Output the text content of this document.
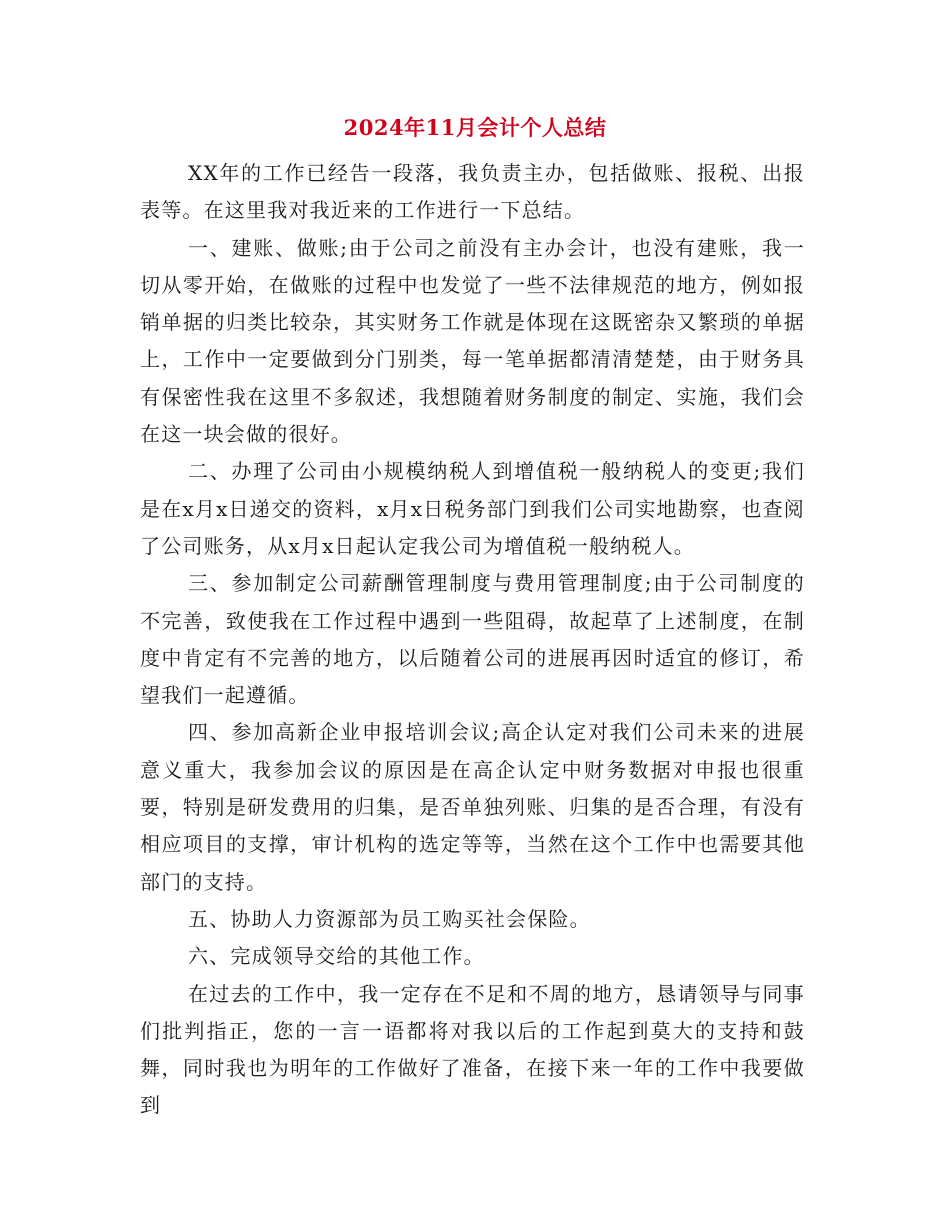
2024年11月会计个人总结

XX年的工作已经告一段落，我负责主办，包括做账、报税、出报表等。在这里我对我近来的工作进行一下总结。

一、建账、做账;由于公司之前没有主办会计，也没有建账，我一切从零开始，在做账的过程中也发觉了一些不法律规范的地方，例如报销单据的归类比较杂，其实财务工作就是体现在这既密杂又繁琐的单据上，工作中一定要做到分门别类，每一笔单据都清清楚楚，由于财务具有保密性我在这里不多叙述，我想随着财务制度的制定、实施，我们会在这一块会做的很好。

二、办理了公司由小规模纳税人到增值税一般纳税人的变更;我们是在x月x日递交的资料，x月x日税务部门到我们公司实地勘察，也查阅了公司账务，从x月x日起认定我公司为增值税一般纳税人。

三、参加制定公司薪酬管理制度与费用管理制度;由于公司制度的不完善，致使我在工作过程中遇到一些阻碍，故起草了上述制度，在制度中肯定有不完善的地方，以后随着公司的进展再因时适宜的修订，希望我们一起遵循。

四、参加高新企业申报培训会议;高企认定对我们公司未来的进展意义重大，我参加会议的原因是在高企认定中财务数据对申报也很重要，特别是研发费用的归集，是否单独列账、归集的是否合理，有没有相应项目的支撑，审计机构的选定等等，当然在这个工作中也需要其他部门的支持。

五、协助人力资源部为员工购买社会保险。

六、完成领导交给的其他工作。

在过去的工作中，我一定存在不足和不周的地方，恳请领导与同事们批判指正，您的一言一语都将对我以后的工作起到莫大的支持和鼓舞，同时我也为明年的工作做好了准备，在接下来一年的工作中我要做到
